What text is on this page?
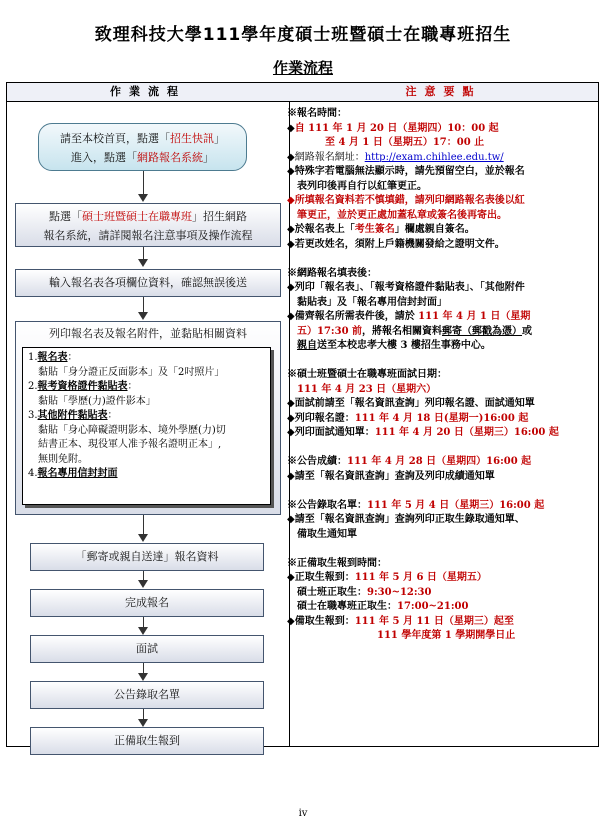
致理科技大學111學年度碩士班暨碩士在職專班招生
作業流程
作業流程	注意要點
請至本校首頁，點選「招生快訊」
進入，點選「網路報名系統」
點選「碩士班暨碩士在職專班」招生網路
報名系統，請詳閱報名注意事項及操作流程
輸入報名表各項欄位資料，確認無誤後送
列印報名表及報名附件，並黏貼相關資料
1.報名表：
黏貼「身分證正反面影本」及「2吋照片」
2.報考資格證件黏貼表：
黏貼「學歷(力)證件影本」
3.其他附件黏貼表：
黏貼「身心障礙證明影本、境外學歷(力)切
結書正本、現役軍人准予報名證明正本」,
無則免附。
4.報名專用信封封面
「郵寄或親自送達」報名資料
完成報名
面試
公告錄取名單
正備取生報到
※報名時間：
◆自 111 年 1 月 20 日（星期四）10：00 起
至 4 月 1 日（星期五）17：00 止
◆網路報名網址：http://exam.chihlee.edu.tw/
◆特殊字若電腦無法顯示時，請先預留空白，並於報名
表列印後再自行以紅筆更正。
◆所填報名資料若不慎填錯，請列印網路報名表後以紅
筆更正，並於更正處加蓋私章或簽名後再寄出。
◆於報名表上「考生簽名」欄處親自簽名。
◆若更改姓名，須附上戶籍機關發給之證明文件。
※網路報名填表後：
◆列印「報名表」、「報考資格證件黏貼表」、「其他附件
黏貼表」及「報名專用信封封面」
◆備齊報名所需表件後，請於 111 年 4 月 1 日（星期
五）17:30 前，將報名相關資料郵寄（郵戳為憑）或
親自送至本校忠孝大樓 3 樓招生事務中心。
※碩士班暨碩士在職專班面試日期：
111 年 4 月 23 日（星期六）
◆面試前請至「報名資訊查詢」列印報名證、面試通知單
◆列印報名證：111 年 4 月 18 日(星期一)16:00 起
◆列印面試通知單：111 年 4 月 20 日（星期三）16:00 起
※公告成績：111 年 4 月 28 日（星期四）16:00 起
◆請至「報名資訊查詢」查詢及列印成績通知單
※公告錄取名單：111 年 5 月 4 日（星期三）16:00 起
◆請至「報名資訊查詢」查詢列印正取生錄取通知單、
備取生通知單
※正備取生報到時間：
◆正取生報到：111 年 5 月 6 日（星期五）
碩士班正取生：9:30~12:30
碩士在職專班正取生：17:00~21:00
◆備取生報到：111 年 5 月 11 日（星期三）起至
111 學年度第 1 學期開學日止
iv
